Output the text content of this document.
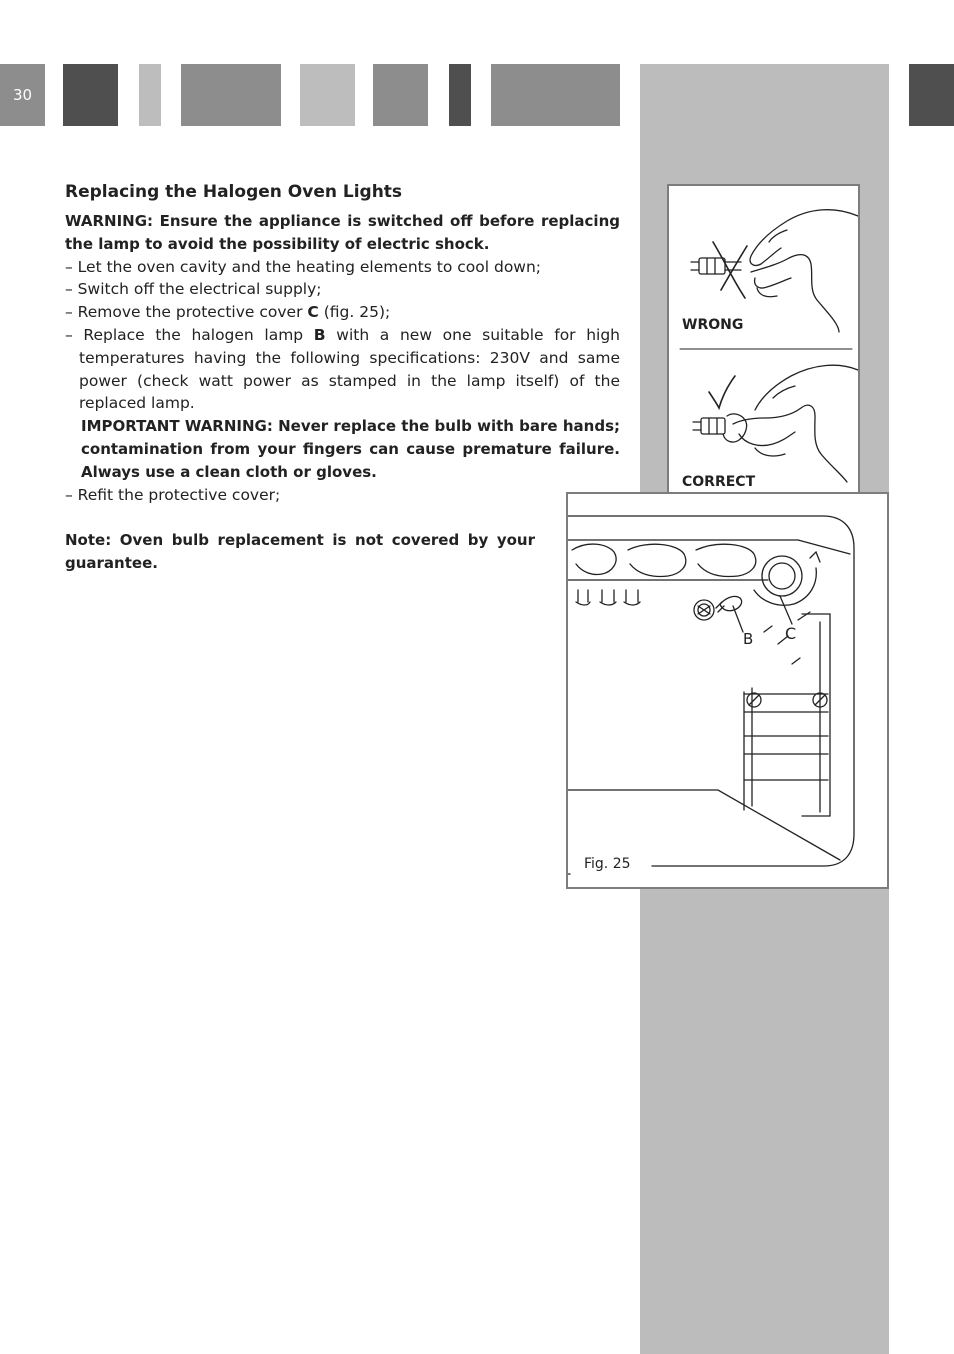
30
Replacing the Halogen Oven Lights
WARNING: Ensure the appliance is switched off before replacing the lamp to avoid the possibility of electric shock.
– Let the oven cavity and the heating elements to cool down;
– Switch off the electrical supply;
– Remove the protective cover C (fig. 25);
– Replace the halogen lamp B with a new one suitable for high temperatures having the following specifications: 230V and same power (check watt power as stamped in the lamp itself) of the replaced lamp.
IMPORTANT WARNING: Never replace the bulb with bare hands; contamination from your fingers can cause premature failure. Always use a clean cloth or gloves.
– Refit the protective cover;
Note: Oven bulb replacement is not covered by your guarantee.
WRONG
CORRECT
B C
Fig. 25
